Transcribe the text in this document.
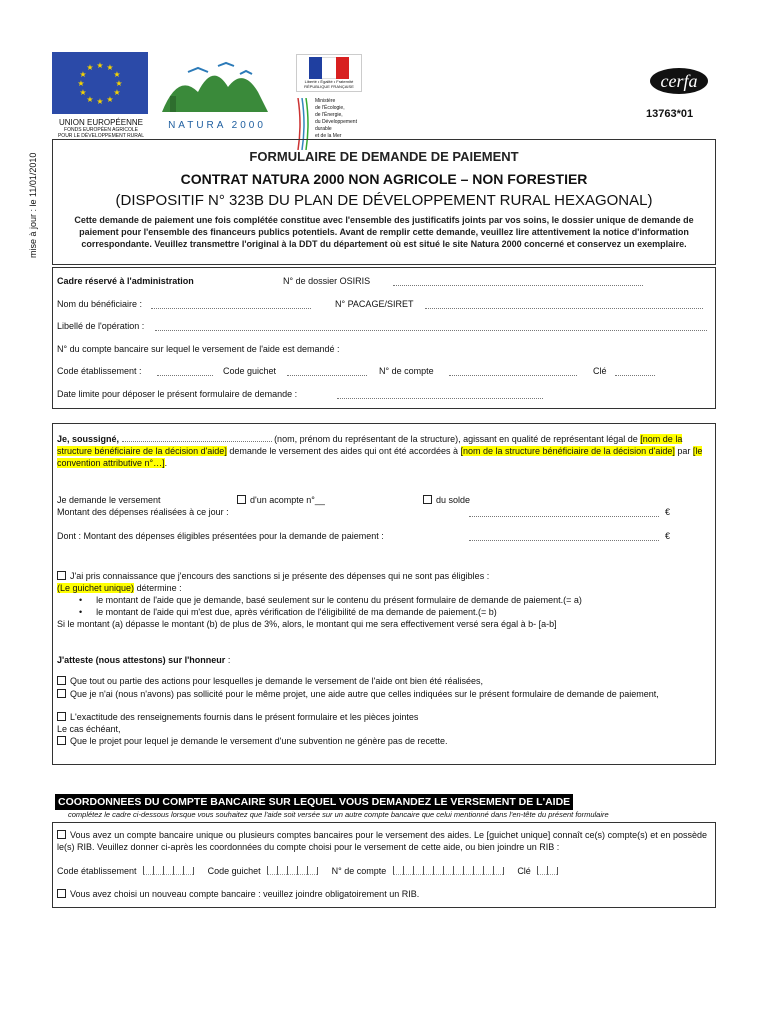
mise à jour : le 11/01/2010
★ ★
★
★
★
★
★
★
★
★
★
★
UNION EUROPÉENNE
FONDS EUROPÉEN AGRICOLE
POUR LE DÉVELOPPEMENT RURAL
NATURA 2000
Liberté • Égalité • Fraternité
RÉPUBLIQUE FRANÇAISE
Ministère
de l'Écologie,
de l'Énergie,
du Développement
durable
et de la Mer
cerfa
13763*01
FORMULAIRE DE DEMANDE DE PAIEMENT
CONTRAT NATURA 2000 NON AGRICOLE – NON FORESTIER
(DISPOSITIF N° 323B DU PLAN DE DÉVELOPPEMENT RURAL HEXAGONAL)
Cette demande de paiement une fois complétée constitue avec l'ensemble des justificatifs joints par vos soins, le dossier unique de demande de paiement pour l'ensemble des financeurs publics potentiels. Avant de remplir cette demande, veuillez lire attentivement la notice d'information correspondante. Veuillez transmettre l'original à la DDT du département où est situé le site Natura 2000 concerné et conservez un exemplaire.
Cadre réservé à l'administration	N° de dossier OSIRIS
Nom du bénéficiaire :	N° PACAGE/SIRET
Libellé de l'opération :
N° du compte bancaire sur lequel le versement de l'aide est demandé :
Code établissement :	Code guichet	N° de compte	Clé
Date limite pour déposer le présent formulaire de demande :
Je, soussigné,	(nom, prénom du représentant de la structure), agissant en qualité de représentant légal de [nom de la structure bénéficiaire de la décision d'aide] demande le versement des aides qui ont été accordées à [nom de la structure bénéficiaire de la décision d'aide] par [le convention attributive n°…].
Je demande le versement	d'un acompte n°__	du solde
Montant des dépenses réalisées à ce jour :	€
Dont : Montant des dépenses éligibles présentées pour la demande de paiement :	€
J'ai pris connaissance que j'encours des sanctions si je présente des dépenses qui ne sont pas éligibles :
(Le guichet unique) détermine :
• le montant de l'aide que je demande, basé seulement sur le contenu du présent formulaire de demande de paiement.(= a)
• le montant de l'aide qui m'est due, après vérification de l'éligibilité de ma demande de paiement.(= b)
Si le montant (a) dépasse le montant (b) de plus de 3%, alors, le montant qui me sera effectivement versé sera égal à b- [a-b]
J'atteste (nous attestons) sur l'honneur :
Que tout ou partie des actions pour lesquelles je demande le versement de l'aide ont bien été réalisées,
Que je n'ai (nous n'avons) pas sollicité pour le même projet, une aide autre que celles indiquées sur le présent formulaire de demande de paiement,
L'exactitude des renseignements fournis dans le présent formulaire et les pièces jointes
Le cas échéant,
Que le projet pour lequel je demande le versement d'une subvention ne génère pas de recette.
COORDONNEES DU COMPTE BANCAIRE SUR LEQUEL VOUS DEMANDEZ LE VERSEMENT DE L'AIDE
complétez le cadre ci-dessous lorsque vous souhaitez que l'aide soit versée sur un autre compte bancaire que celui mentionné dans l'en-tête du présent formulaire
Vous avez un compte bancaire unique ou plusieurs comptes bancaires pour le versement des aides. Le [guichet unique] connaît ce(s) compte(s) et en possède le(s) RIB. Veuillez donner ci-après les coordonnées du compte choisi pour le versement de cette aide, ou bien joindre un RIB :
Code établissement	Code guichet	N° de compte	Clé
Vous avez choisi un nouveau compte bancaire : veuillez joindre obligatoirement un RIB.
